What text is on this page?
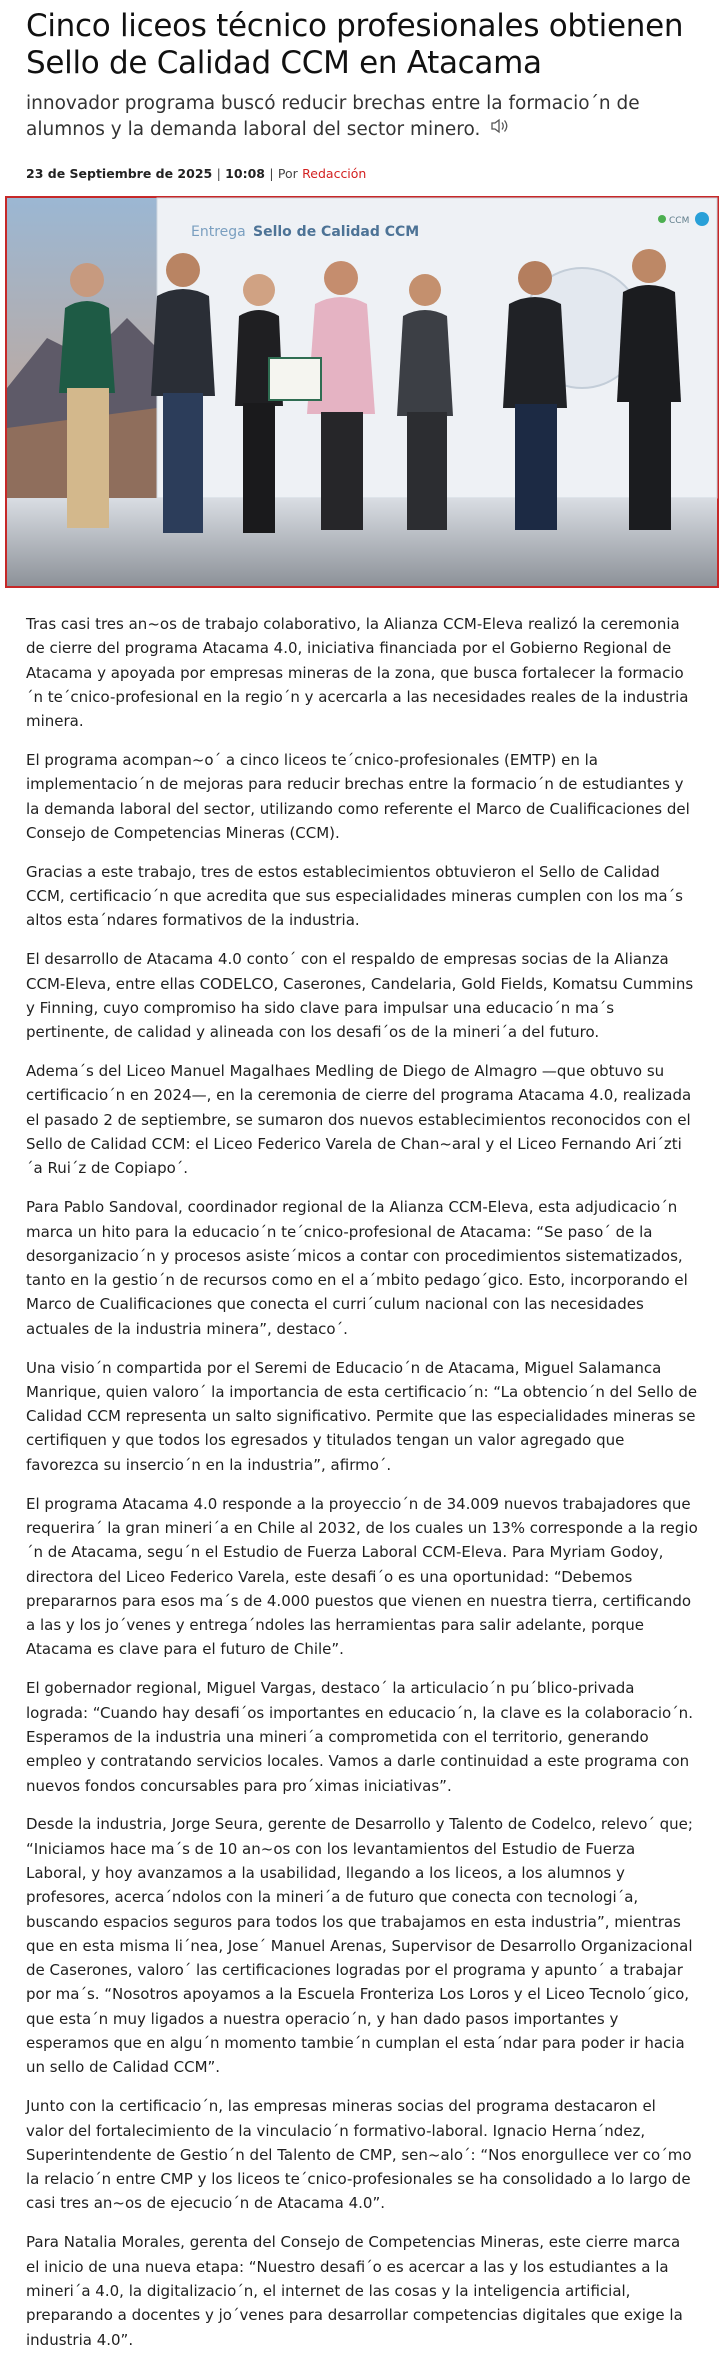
Cinco liceos técnico profesionales obtienen Sello de Calidad CCM en Atacama

innovador programa buscó reducir brechas entre la formacio´n de alumnos y la demanda laboral del sector minero.

23 de Septiembre de 2025 | 10:08 | Por Redacción
Entrega Sello de Calidad CCM
CCM

Tras casi tres an~os de trabajo colaborativo, la Alianza CCM-Eleva realizó la ceremonia de cierre del programa Atacama 4.0, iniciativa financiada por el Gobierno Regional de Atacama y apoyada por empresas mineras de la zona, que busca fortalecer la formacio´n te´cnico-profesional en la regio´n y acercarla a las necesidades reales de la industria minera.

El programa acompan~o´ a cinco liceos te´cnico-profesionales (EMTP) en la implementacio´n de mejoras para reducir brechas entre la formacio´n de estudiantes y la demanda laboral del sector, utilizando como referente el Marco de Cualificaciones del Consejo de Competencias Mineras (CCM).

Gracias a este trabajo, tres de estos establecimientos obtuvieron el Sello de Calidad CCM, certificacio´n que acredita que sus especialidades mineras cumplen con los ma´s altos esta´ndares formativos de la industria.

El desarrollo de Atacama 4.0 conto´ con el respaldo de empresas socias de la Alianza CCM-Eleva, entre ellas CODELCO, Caserones, Candelaria, Gold Fields, Komatsu Cummins y Finning, cuyo compromiso ha sido clave para impulsar una educacio´n ma´s pertinente, de calidad y alineada con los desafi´os de la mineri´a del futuro.

Adema´s del Liceo Manuel Magalhaes Medling de Diego de Almagro —que obtuvo su certificacio´n en 2024—, en la ceremonia de cierre del programa Atacama 4.0, realizada el pasado 2 de septiembre, se sumaron dos nuevos establecimientos reconocidos con el Sello de Calidad CCM: el Liceo Federico Varela de Chan~aral y el Liceo Fernando Ari´zti´a Rui´z de Copiapo´.

Para Pablo Sandoval, coordinador regional de la Alianza CCM-Eleva, esta adjudicacio´n marca un hito para la educacio´n te´cnico-profesional de Atacama: “Se paso´ de la desorganizacio´n y procesos asiste´micos a contar con procedimientos sistematizados, tanto en la gestio´n de recursos como en el a´mbito pedago´gico. Esto, incorporando el Marco de Cualificaciones que conecta el curri´culum nacional con las necesidades actuales de la industria minera”, destaco´.

Una visio´n compartida por el Seremi de Educacio´n de Atacama, Miguel Salamanca Manrique, quien valoro´ la importancia de esta certificacio´n: “La obtencio´n del Sello de Calidad CCM representa un salto significativo. Permite que las especialidades mineras se certifiquen y que todos los egresados y titulados tengan un valor agregado que favorezca su insercio´n en la industria”, afirmo´.

El programa Atacama 4.0 responde a la proyeccio´n de 34.009 nuevos trabajadores que requerira´ la gran mineri´a en Chile al 2032, de los cuales un 13% corresponde a la regio´n de Atacama, segu´n el Estudio de Fuerza Laboral CCM-Eleva. Para Myriam Godoy, directora del Liceo Federico Varela, este desafi´o es una oportunidad: “Debemos prepararnos para esos ma´s de 4.000 puestos que vienen en nuestra tierra, certificando a las y los jo´venes y entrega´ndoles las herramientas para salir adelante, porque Atacama es clave para el futuro de Chile”.

El gobernador regional, Miguel Vargas, destaco´ la articulacio´n pu´blico-privada lograda: “Cuando hay desafi´os importantes en educacio´n, la clave es la colaboracio´n. Esperamos de la industria una mineri´a comprometida con el territorio, generando empleo y contratando servicios locales. Vamos a darle continuidad a este programa con nuevos fondos concursables para pro´ximas iniciativas”.

Desde la industria, Jorge Seura, gerente de Desarrollo y Talento de Codelco, relevo´ que; “Iniciamos hace ma´s de 10 an~os con los levantamientos del Estudio de Fuerza Laboral, y hoy avanzamos a la usabilidad, llegando a los liceos, a los alumnos y profesores, acerca´ndolos con la mineri´a de futuro que conecta con tecnologi´a, buscando espacios seguros para todos los que trabajamos en esta industria”, mientras que en esta misma li´nea, Jose´ Manuel Arenas, Supervisor de Desarrollo Organizacional de Caserones, valoro´ las certificaciones logradas por el programa y apunto´ a trabajar por ma´s. “Nosotros apoyamos a la Escuela Fronteriza Los Loros y el Liceo Tecnolo´gico, que esta´n muy ligados a nuestra operacio´n, y han dado pasos importantes y esperamos que en algu´n momento tambie´n cumplan el esta´ndar para poder ir hacia un sello de Calidad CCM”.

Junto con la certificacio´n, las empresas mineras socias del programa destacaron el valor del fortalecimiento de la vinculacio´n formativo-laboral. Ignacio Herna´ndez, Superintendente de Gestio´n del Talento de CMP, sen~alo´: “Nos enorgullece ver co´mo la relacio´n entre CMP y los liceos te´cnico-profesionales se ha consolidado a lo largo de casi tres an~os de ejecucio´n de Atacama 4.0”.

Para Natalia Morales, gerenta del Consejo de Competencias Mineras, este cierre marca el inicio de una nueva etapa: “Nuestro desafi´o es acercar a las y los estudiantes a la mineri´a 4.0, la digitalizacio´n, el internet de las cosas y la inteligencia artificial, preparando a docentes y jo´venes para desarrollar competencias digitales que exige la industria 4.0”.
